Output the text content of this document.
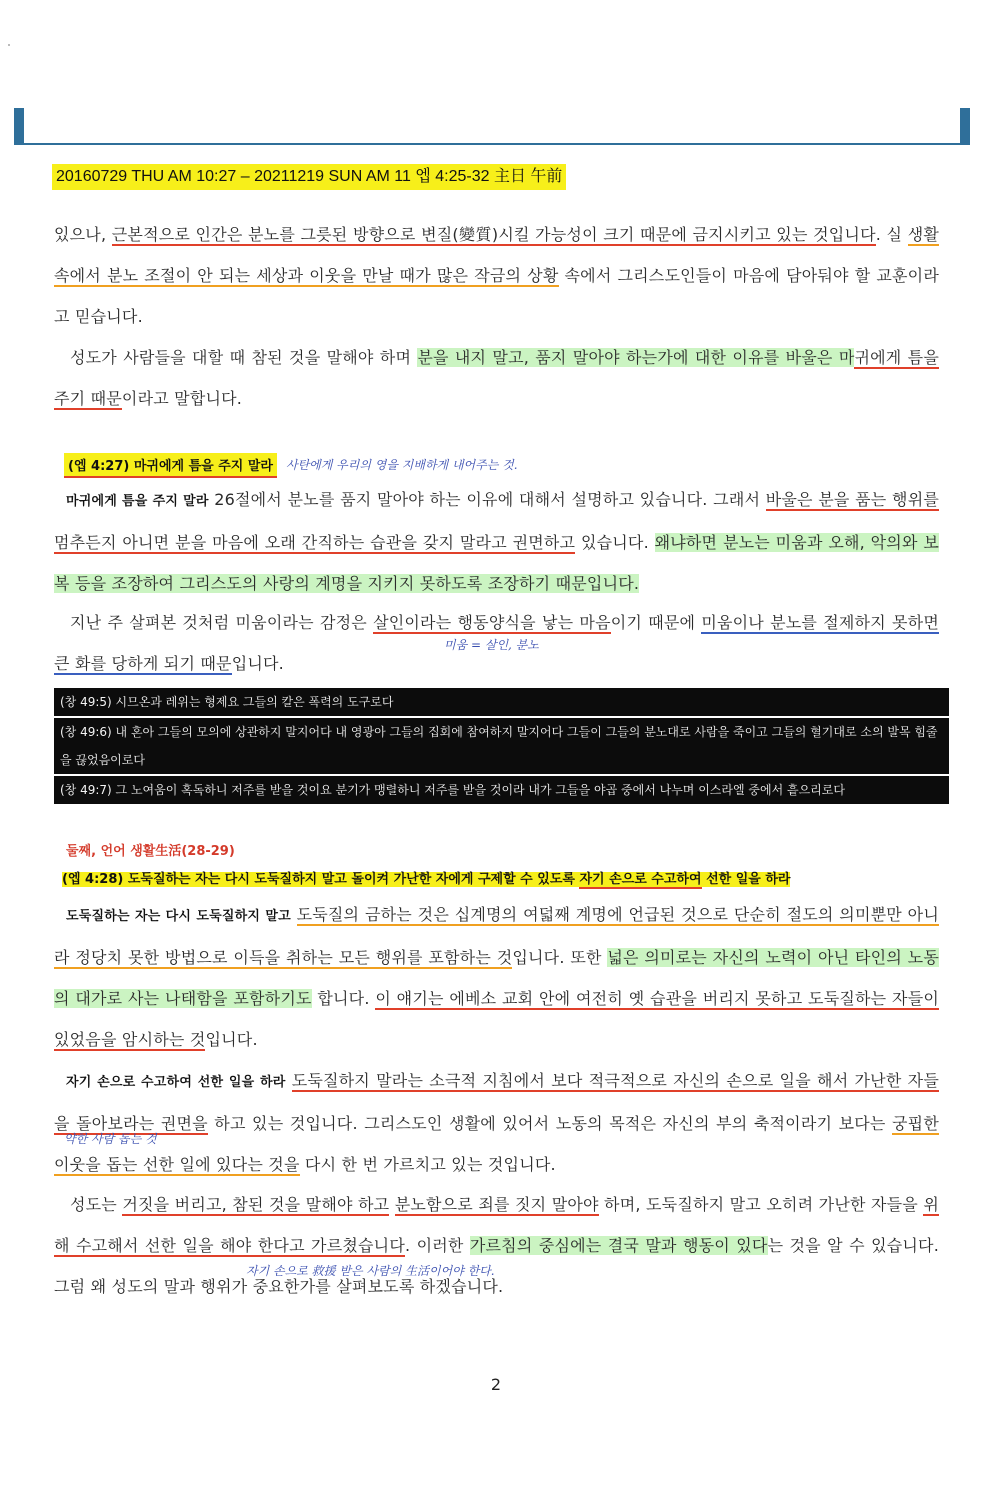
20160729 THU AM 10:27 – 20211219 SUN AM 11 엡 4:25-32 主日 午前

있으나, 근본적으로 인간은 분노를 그릇된 방향으로 변질(變質)시킬 가능성이 크기 때문에 금지시키고 있는 것입니다. 실 생활 속에서 분노 조절이 안 되는 세상과 이웃을 만날 때가 많은 작금의 상황 속에서 그리스도인들이 마음에 담아둬야 할 교훈이라고 믿습니다.

성도가 사람들을 대할 때 참된 것을 말해야 하며 분을 내지 말고, 품지 말아야 하는가에 대한 이유를 바울은 마귀에게 틈을 주기 때문이라고 말합니다.

(엡 4:27) 마귀에게 틈을 주지 말라	사탄에게 우리의 영을 지배하게 내어주는 것.

마귀에게 틈을 주지 말라 26절에서 분노를 품지 말아야 하는 이유에 대해서 설명하고 있습니다. 그래서 바울은 분을 품는 행위를 멈추든지 아니면 분을 마음에 오래 간직하는 습관을 갖지 말라고 권면하고 있습니다. 왜냐하면 분노는 미움과 오해, 악의와 보복 등을 조장하여 그리스도의 사랑의 계명을 지키지 못하도록 조장하기 때문입니다.

지난 주 살펴본 것처럼 미움이라는 감정은 살인이라는 행동양식을 낳는 마음이기 때문에 미움이나 분노를 절제하지 못하면 큰 화를 당하게 되기 때문입니다.

미움 = 살인, 분노
(창 49:5) 시므온과 레위는 형제요 그들의 칼은 폭력의 도구로다
(창 49:6) 내 혼아 그들의 모의에 상관하지 말지어다 내 영광아 그들의 집회에 참여하지 말지어다 그들이 그들의 분노대로 사람을 죽이고 그들의 혈기대로 소의 발목 힘줄을 끊었음이로다
(창 49:7) 그 노여움이 혹독하니 저주를 받을 것이요 분기가 맹렬하니 저주를 받을 것이라 내가 그들을 야곱 중에서 나누며 이스라엘 중에서 흩으리로다
둘째, 언어 생활生活(28-29)
(엡 4:28) 도둑질하는 자는 다시 도둑질하지 말고 돌이켜 가난한 자에게 구제할 수 있도록 자기 손으로 수고하여 선한 일을 하라

도둑질하는 자는 다시 도둑질하지 말고 도둑질의 금하는 것은 십계명의 여덟째 계명에 언급된 것으로 단순히 절도의 의미뿐만 아니라 정당치 못한 방법으로 이득을 취하는 모든 행위를 포함하는 것입니다. 또한 넓은 의미로는 자신의 노력이 아닌 타인의 노동의 대가로 사는 나태함을 포함하기도 합니다. 이 얘기는 에베소 교회 안에 여전히 옛 습관을 버리지 못하고 도둑질하는 자들이 있었음을 암시하는 것입니다.

자기 손으로 수고하여 선한 일을 하라 도둑질하지 말라는 소극적 지침에서 보다 적극적으로 자신의 손으로 일을 해서 가난한 자들을 돌아보라는 권면을 하고 있는 것입니다. 그리스도인 생활에 있어서 노동의 목적은 자신의 부의 축적이라기 보다는 궁핍한 이웃을 돕는 선한 일에 있다는 것을 다시 한 번 가르치고 있는 것입니다.

약한 사람 돕는 것

성도는 거짓을 버리고, 참된 것을 말해야 하고 분노함으로 죄를 짓지 말아야 하며, 도둑질하지 말고 오히려 가난한 자들을 위해 수고해서 선한 일을 해야 한다고 가르쳤습니다. 이러한 가르침의 중심에는 결국 말과 행동이 있다는 것을 알 수 있습니다. 그럼 왜 성도의 말과 행위가 중요한가를 살펴보도록 하겠습니다.

자기 손으로 救援 받은 사람의 生活이어야 한다.
2
